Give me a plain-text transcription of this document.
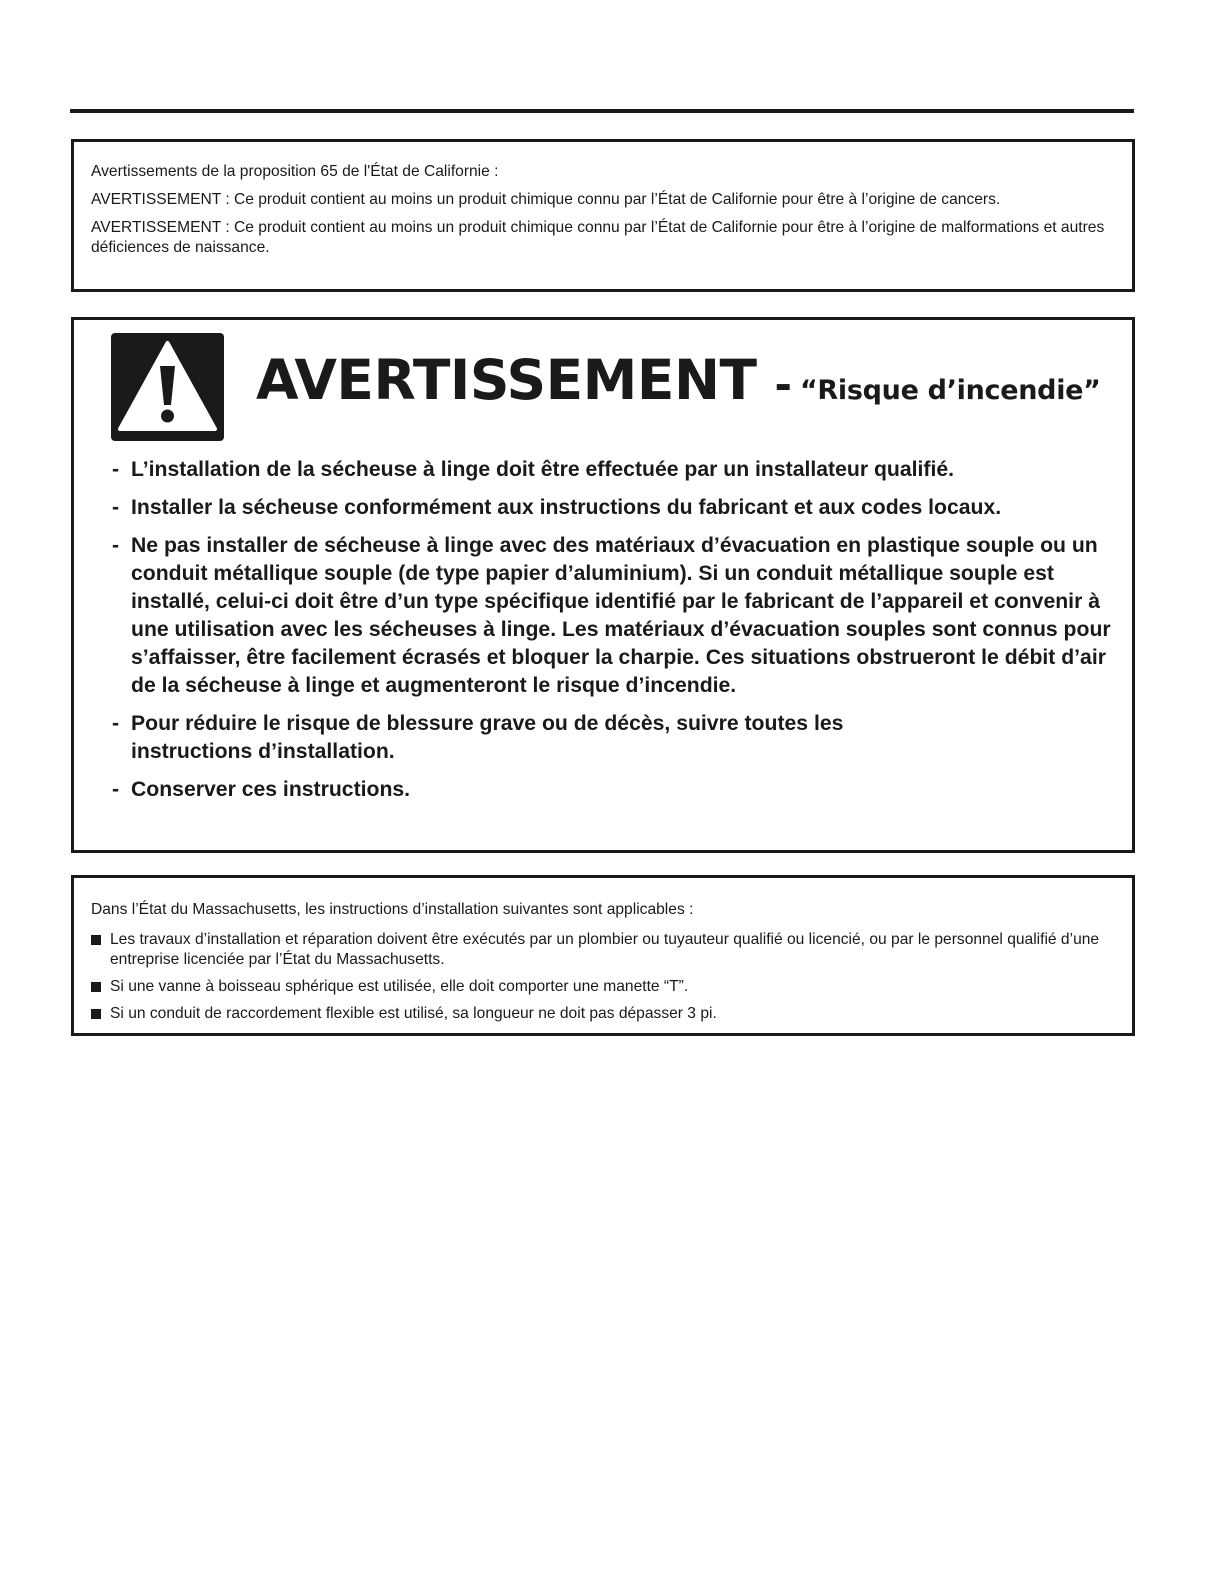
Avertissements de la proposition 65 de l'État de Californie :

AVERTISSEMENT : Ce produit contient au moins un produit chimique connu par l’État de Californie pour être à l’origine de cancers.

AVERTISSEMENT : Ce produit contient au moins un produit chimique connu par l’État de Californie pour être à l’origine de malformations et autres déficiences de naissance.

AVERTISSEMENT - “Risque d’incendie”
- L’installation de la sécheuse à linge doit être effectuée par un installateur qualifié.
- Installer la sécheuse conformément aux instructions du fabricant et aux codes locaux.
- Ne pas installer de sécheuse à linge avec des matériaux d’évacuation en plastique souple ou un conduit métallique souple (de type papier d’aluminium). Si un conduit métallique souple est installé, celui-ci doit être d’un type spécifique identifié par le fabricant de l’appareil et convenir à une utilisation avec les sécheuses à linge. Les matériaux d’évacuation souples sont connus pour s’affaisser, être facilement écrasés et bloquer la charpie. Ces situations obstrueront le débit d’air de la sécheuse à linge et augmenteront le risque d’incendie.
- Pour réduire le risque de blessure grave ou de décès, suivre toutes les instructions d’installation.
- Conserver ces instructions.

Dans l’État du Massachusetts, les instructions d’installation suivantes sont applicables :

Les travaux d’installation et réparation doivent être exécutés par un plombier ou tuyauteur qualifié ou licencié, ou par le personnel qualifié d’une entreprise licenciée par l’État du Massachusetts.
Si une vanne à boisseau sphérique est utilisée, elle doit comporter une manette “T”.
Si un conduit de raccordement flexible est utilisé, sa longueur ne doit pas dépasser 3 pi.
